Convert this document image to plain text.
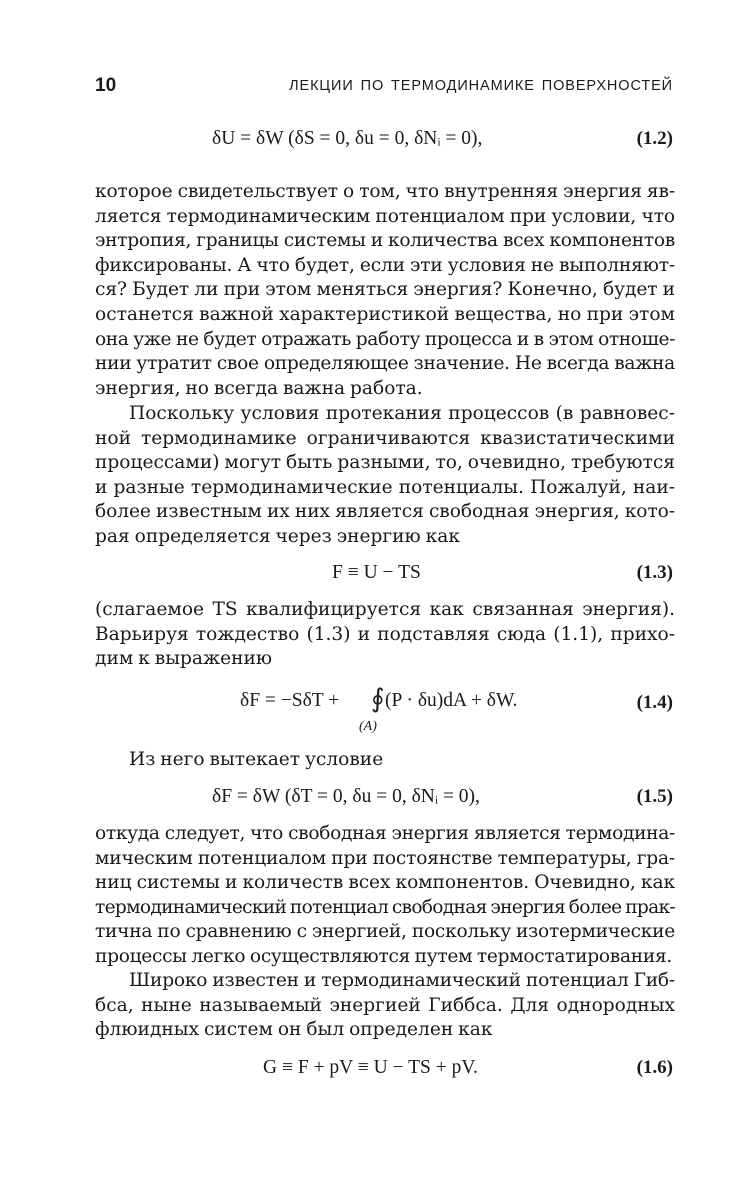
10	ЛЕКЦИИ ПО ТЕРМОДИНАМИКЕ ПОВЕРХНОСТЕЙ
δU = δW (δS = 0, δu = 0, δNᵢ = 0),	(1.2)
которое свидетельствует о том, что внутренняя энергия яв-
ляется термодинамическим потенциалом при условии, что
энтропия, границы системы и количества всех компонентов
фиксированы. А что будет, если эти условия не выполняют-
ся? Будет ли при этом меняться энергия? Конечно, будет и
останется важной характеристикой вещества, но при этом
она уже не будет отражать работу процесса и в этом отноше-
нии утратит свое определяющее значение. Не всегда важна
энергия, но всегда важна работа.
Поскольку условия протекания процессов (в равновес-
ной термодинамике ограничиваются квазистатическими
процессами) могут быть разными, то, очевидно, требуются
и разные термодинамические потенциалы. Пожалуй, наи-
более известным их них является свободная энергия, кото-
рая определяется через энергию как
F ≡ U − TS	(1.3)
(слагаемое TS квалифицируется как связанная энергия).
Варьируя тождество (1.3) и подставляя сюда (1.1), прихо-
дим к выражению
δF = −SδT + ∮
(A)
(P · δu)dA + δW.	(1.4)
Из него вытекает условие
δF = δW (δT = 0, δu = 0, δNᵢ = 0),	(1.5)
откуда следует, что свободная энергия является термодина-
мическим потенциалом при постоянстве температуры, гра-
ниц системы и количеств всех компонентов. Очевидно, как
термодинамический потенциал свободная энергия более прак-
тична по сравнению с энергией, поскольку изотермические
процессы легко осуществляются путем термостатирования.
Широко известен и термодинамический потенциал Гиб-
бса, ныне называемый энергией Гиббса. Для однородных
флюидных систем он был определен как
G ≡ F + pV ≡ U − TS + pV.	(1.6)
